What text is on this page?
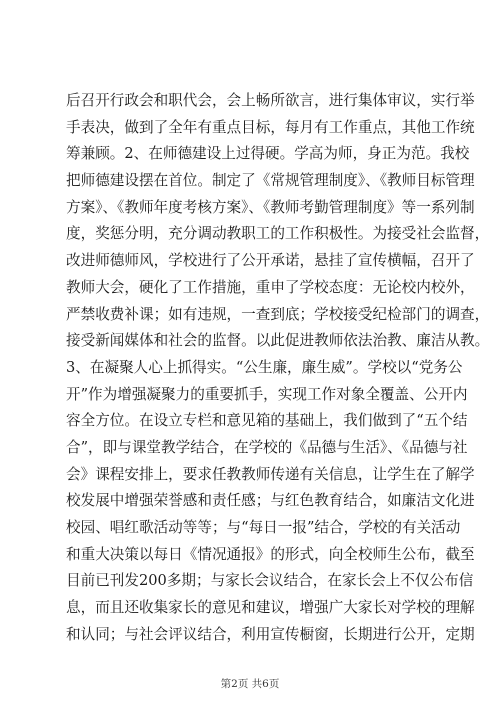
后召开行政会和职代会，会上畅所欲言，进行集体审议，实行举
手表决，做到了全年有重点目标，每月有工作重点，其他工作统
筹兼顾。2、在师德建设上过得硬。学高为师，身正为范。我校
把师德建设摆在首位。制定了《常规管理制度》、《教师目标管理
方案》、《教师年度考核方案》、《教师考勤管理制度》等一系列制
度，奖惩分明，充分调动教职工的工作积极性。为接受社会监督，
改进师德师风，学校进行了公开承诺，悬挂了宣传横幅，召开了
教师大会，硬化了工作措施，重申了学校态度：无论校内校外，
严禁收费补课；如有违规，一查到底；学校接受纪检部门的调查，
接受新闻媒体和社会的监督。以此促进教师依法治教、廉洁从教。
3、在凝聚人心上抓得实。“公生廉，廉生威”。学校以“党务公
开”作为增强凝聚力的重要抓手，实现工作对象全覆盖、公开内
容全方位。在设立专栏和意见箱的基础上，我们做到了“五个结
合”，即与课堂教学结合，在学校的《品德与生活》、《品德与社
会》课程安排上，要求任教教师传递有关信息，让学生在了解学
校发展中增强荣誉感和责任感；与红色教育结合，如廉洁文化进
校园、唱红歌活动等等；与“每日一报”结合，学校的有关活动
和重大决策以每日《情况通报》的形式，向全校师生公布，截至
目前已刊发200多期；与家长会议结合，在家长会上不仅公布信
息，而且还收集家长的意见和建议，增强广大家长对学校的理解
和认同；与社会评议结合，利用宣传橱窗，长期进行公开，定期
第2页 共6页
